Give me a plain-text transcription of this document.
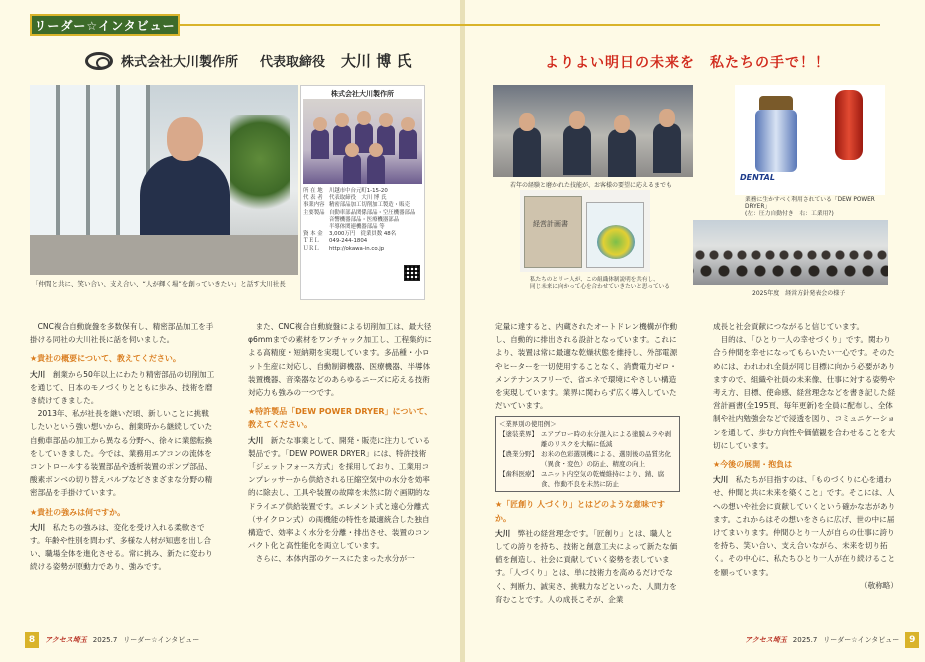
リーダー☆インタビュー
株式会社大川製作所 代表取締役 大川 博 氏	よりよい明日の未来を　私たちの手で！！
「仲間と共に、笑い合い、支え合い、“人が輝く場”を創っていきたい」と話す大川社長
株式会社大川製作所
所 在 地	川越市中台元町1-15-20
代 表 者	代表取締役　大川 博 氏
事業内容 精密部品加工切削加工製造・販売
主要製品 自動車部品関係部品・空圧機器部品
音響機器部品・医療機器部品
半導体関連機器部品 等
資 本 金	3,000万円　従業員数 48名
ＴＥＬ	049-244-1804
ＵＲＬ	http://okawa-in.co.jp
若年の経験と磨かれた技能が、お客様の要望に応えるまでも
DENTAL
業務に生かすべく利用されている「DEW POWER DRYER」
(左：圧力自動付き　右：工業用?)
経営計画書
私たちのとリー人が、この組織体制説明を共有し、
同じ未来に向かって心を合わせていきたいと思っている
2025年度　経営方針発表会の様子

CNC複合自動旋盤を多数保有し、精密部品加工を手掛ける同社の大川社長に話を伺いました。

★貴社の概要について、教えてください。

大川　 創業から50年以上にわたり精密部品の切削加工を通じて、日本のモノづくりとともに歩み、技術を磨き続けてきました。

2013年、私が社長を継いだ頃、新しいことに挑戦したいという強い想いから、創業時から継続していた自動車部品の加工から異なる分野へ、徐々に業態転換をしていきました。今では、業務用エアコンの流体をコントロールする装置部品や透析装置のポンプ部品、酸素ボンベの切り替えバルブなどさまざまな分野の精密部品を手掛けています。

★貴社の強みは何ですか。

大川　 私たちの強みは、変化を受け入れる柔軟さです。年齢や性別を問わず、多様な人材が知恵を出し合い、職場全体を進化させる。常に挑み、新たに変わり続ける姿勢が原動力であり、強みです。

また、CNC複合自動旋盤による切削加工は、最大径φ6mmまでの素材をワンチャック加工し、工程集約による高精度・短納期を実現しています。多品種・小ロット生産に対応し、自動制御機器、医療機器、半導体装置機器、音楽器などのあらゆるニーズに応える技術対応力も強みの一つです。

★特許製品「DEW POWER DRYER」について、教えてください。

大川　 新たな事業として、開発・販売に注力している製品です。「DEW POWER DRYER」には、特許技術「ジェットフォース方式」を採用しており、工業用コンプレッサーから供給される圧縮空気中の水分を効率的に除去し、工具や装置の故障を未然に防ぐ画期的なドライエア供給装置です。エレメント式と遠心分離式（サイクロン式）の両機能の特性を最適統合した独自構造で、効率よく水分を分離・排出させ、装置のコンパクト化と高性能化を両立しています。

さらに、本体内部のケースにたまった水分が一

定量に達すると、内蔵されたオートドレン機構が作動し、自動的に排出される設計となっています。これにより、装置は常に最適な乾燥状態を維持し、外部電源やヒーターを一切使用することなく、消費電力ゼロ・メンテナンスフリーで、省エネで環境にやさしい構造を実現しています。業界に関わらず広く導入していただいています。

＜業界別の使用例＞
【塗装業界】 エアブロー時の水分混入による塗膜ムラや剥離のリスクを大幅に低減
【農業分野】 お米の色彩選別機による、選別後の品質劣化（異食・変色）の防止、精度の向上
【歯科医療】 ユニット内空気の乾燥維持により、錆、腐食、作動不良を未然に防止
★「匠創り 人づくり」とはどのような意味ですか。

大川　 弊社の経営理念です。「匠創り」とは、職人としての誇りを持ち、技術と創意工夫によって新たな価値を創造し、社会に貢献していく姿勢を表しています。「人づくり」とは、単に技術力を高めるだけでなく、判断力、誠実さ、挑戦力などといった、人間力を育むことです。人の成長こそが、企業

成長と社会貢献につながると信じています。

目的は、「ひとり一人の幸せづくり」です。関わり合う仲間を幸せになってもらいたい一心です。そのためには、われわれ全員が同じ目標に向かう必要がありますので、組織や社員の未来像、仕事に対する姿勢や考え方、目標、使命感、経営理念などを書き記した経営計画書(全195頁、毎年更新)を全員に配布し、全体制や社内勉強会などで浸透を図り、コミュニケーションを通して、歩む方向性や価値観を合わせることを大切にしています。

★今後の展開・抱負は

大川　 私たちが目指すのは、「ものづくりに心を通わせ、仲間と共に未来を築くこと」です。そこには、人への想いや社会に貢献していくという確かな志があります。これからはその想いをさらに広げ、世の中に届けてまいります。仲間ひとり一人が自らの仕事に誇りを持ち、笑い合い、支え合いながら、未来を切り拓く。その中心に、私たちひとり一人が在り続けることを願っています。

（敬称略）

8	アクセス埼玉 2025.7 リーダー☆インタビュー	アクセス埼玉 2025.7 リーダー☆インタビュー	9
